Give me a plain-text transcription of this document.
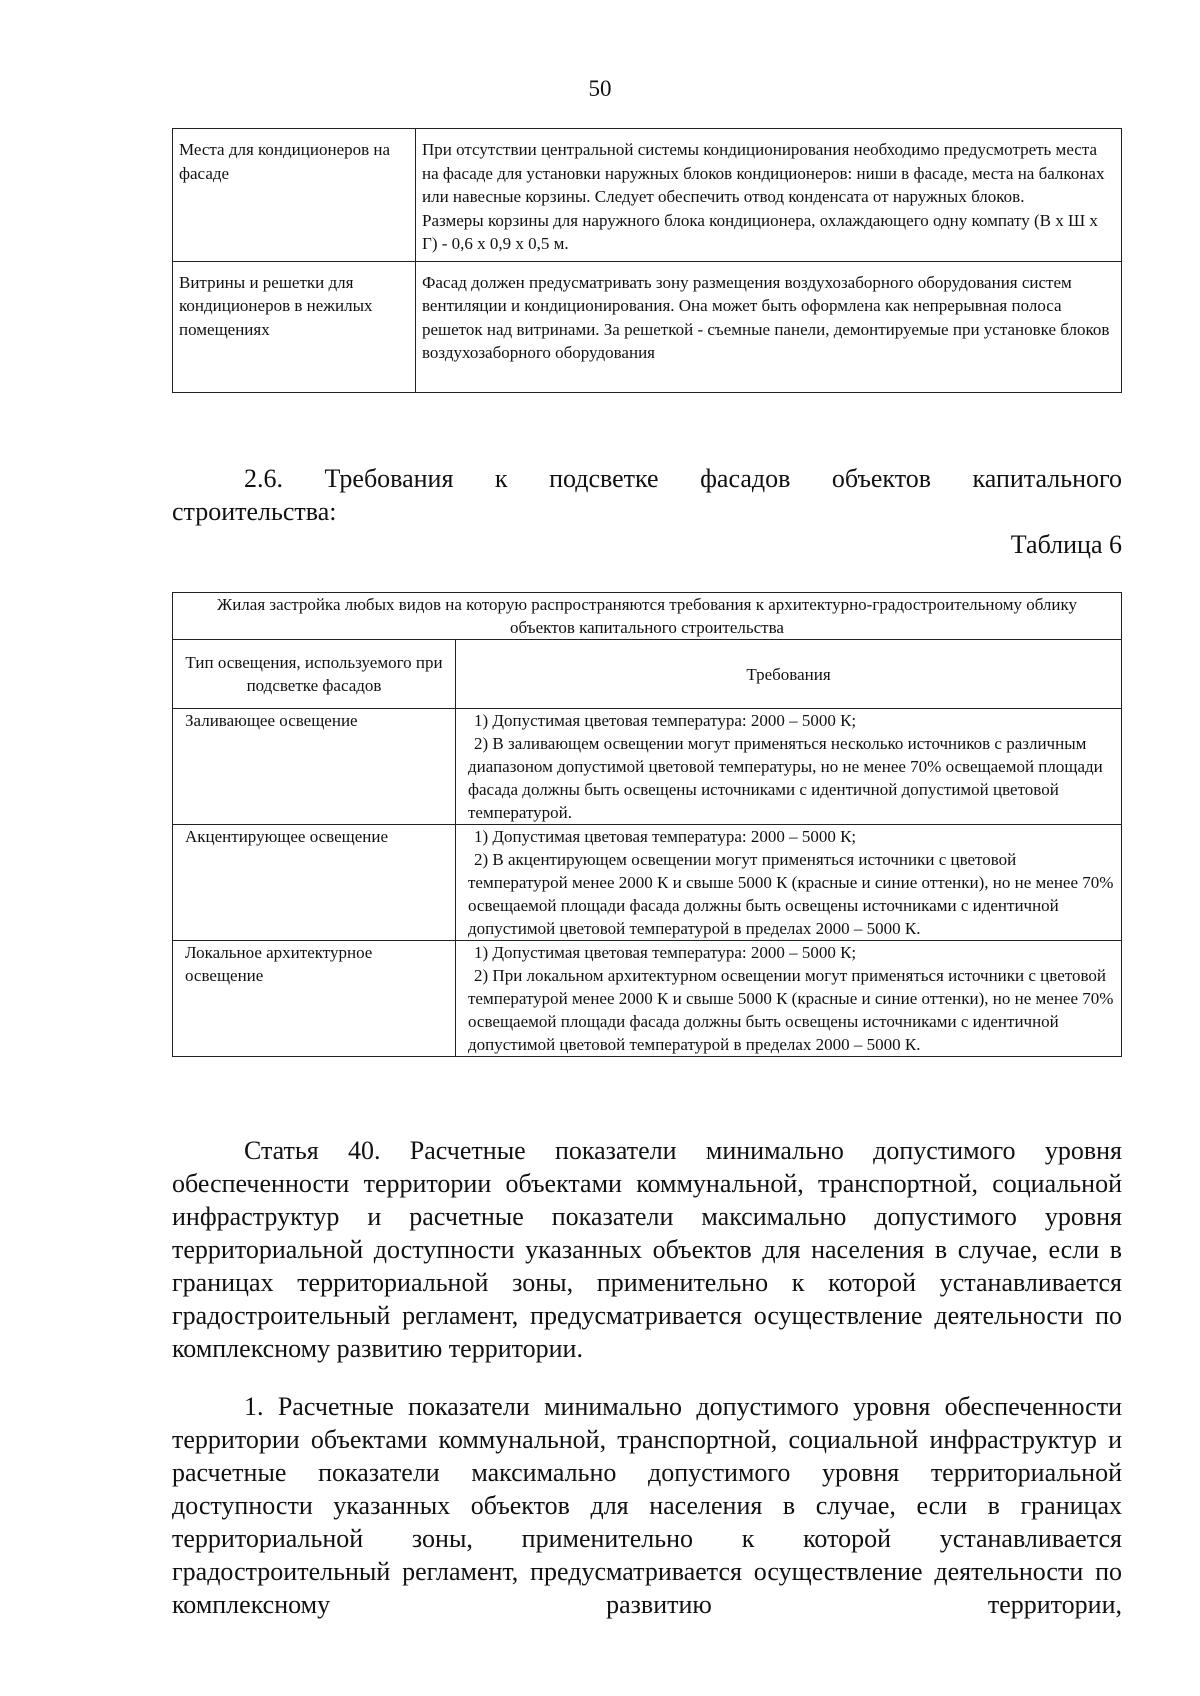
50
Места для кондиционеров на фасаде	При отсутствии центральной системы кондиционирования необходимо предусмотреть места на фасаде для установки наружных блоков кондиционеров: ниши в фасаде, места на балконах или навесные корзины. Следует обеспечить отвод конденсата от наружных блоков.
Размеры корзины для наружного блока кондиционера, охлаждающего одну компату (В х Ш х Г) - 0,6 х 0,9 х 0,5 м.

Витрины и решетки для кондиционеров в нежилых помещениях	Фасад должен предусматривать зону размещения воздухозаборного оборудования систем вентиляции и кондиционирования. Она может быть оформлена как непрерывная полоса решеток над витринами. За решеткой - съемные панели, демонтируемые при установке блоков воздухозаборного оборудования
2.6. Требования к подсветке фасадов объектов капитального
строительства:
Таблица 6
Жилая застройка любых видов на которую распространяются требования к архитектурно-градостроительному облику объектов капитального строительства	
Тип освещения, используемого при подсветке фасадов	Требования
Заливающее освещение	1) Допустимая цветовая температура: 2000 – 5000 К;
2) В заливающем освещении могут применяться несколько источников с различным диапазоном допустимой цветовой температуры, но не менее 70% освещаемой площади фасада должны быть освещены источниками с идентичной допустимой цветовой температурой.

Акцентирующее освещение	1) Допустимая цветовая температура: 2000 – 5000 К;
2) В акцентирующем освещении могут применяться источники с цветовой температурой менее 2000 К и свыше 5000 К (красные и синие оттенки), но не менее 70% освещаемой площади фасада должны быть освещены источниками с идентичной допустимой цветовой температурой в пределах 2000 – 5000 К.

Локальное архитектурное освещение	1) Допустимая цветовая температура: 2000 – 5000 К;
2) При локальном архитектурном освещении могут применяться источники с цветовой температурой менее 2000 К и свыше 5000 К (красные и синие оттенки), но не менее 70% освещаемой площади фасада должны быть освещены источниками с идентичной допустимой цветовой температурой в пределах 2000 – 5000 К.
Статья 40. Расчетные показатели минимально допустимого уровня обеспеченности территории объектами коммунальной, транспортной, социальной инфраструктур и расчетные показатели максимально допустимого уровня территориальной доступности указанных объектов для населения в случае, если в границах территориальной зоны, применительно к которой устанавливается градостроительный регламент, предусматривается осуществление деятельности по комплексному развитию территории.
1. Расчетные показатели минимально допустимого уровня обеспеченности территории объектами коммунальной, транспортной, социальной инфраструктур и расчетные показатели максимально допустимого уровня территориальной доступности указанных объектов для населения в случае, если в границах территориальной зоны, применительно к которой устанавливается градостроительный регламент, предусматривается осуществление деятельности по комплексному развитию территории,
